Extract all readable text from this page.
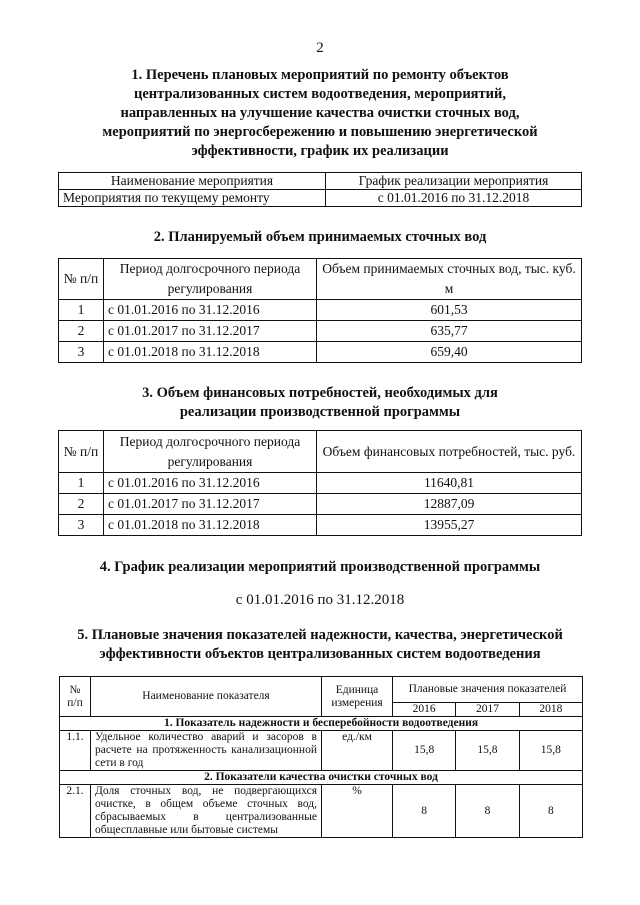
2
1. Перечень плановых мероприятий по ремонту объектов
централизованных систем водоотведения, мероприятий,
направленных на улучшение качества очистки сточных вод,
мероприятий по энергосбережению и повышению энергетической
эффективности, график их реализации
Наименование мероприятия	График реализации мероприятия
Мероприятия по текущему ремонту	с 01.01.2016 по 31.12.2018
2. Планируемый объем принимаемых сточных вод
№ п/п	Период долгосрочного периода регулирования	Объем принимаемых сточных вод, тыс. куб. м
1	с 01.01.2016 по 31.12.2016	601,53
2	с 01.01.2017 по 31.12.2017	635,77
3	с 01.01.2018 по 31.12.2018	659,40
3. Объем финансовых потребностей, необходимых для
реализации производственной программы
№ п/п	Период долгосрочного периода регулирования	Объем финансовых потребностей, тыс. руб.
1	с 01.01.2016 по 31.12.2016	11640,81
2	с 01.01.2017 по 31.12.2017	12887,09
3	с 01.01.2018 по 31.12.2018	13955,27
4. График реализации мероприятий производственной программы
с 01.01.2016 по 31.12.2018
5. Плановые значения показателей надежности, качества, энергетической
эффективности объектов централизованных систем водоотведения
№ п/п	Наименование показателя	Единица измерения	Плановые значения показателей		
			2016	2017	2018
1. Показатель надежности и бесперебойности водоотведения					
1.1.	Удельное количество аварий и засоров в расчете на протяженность канализационной сети в год	ед./км	15,8	15,8	15,8
2. Показатели качества очистки сточных вод					
2.1.	Доля сточных вод, не подвергающихся очистке, в общем объеме сточных вод, сбрасываемых в централизованные общесплавные или бытовые системы	%	8	8	8
